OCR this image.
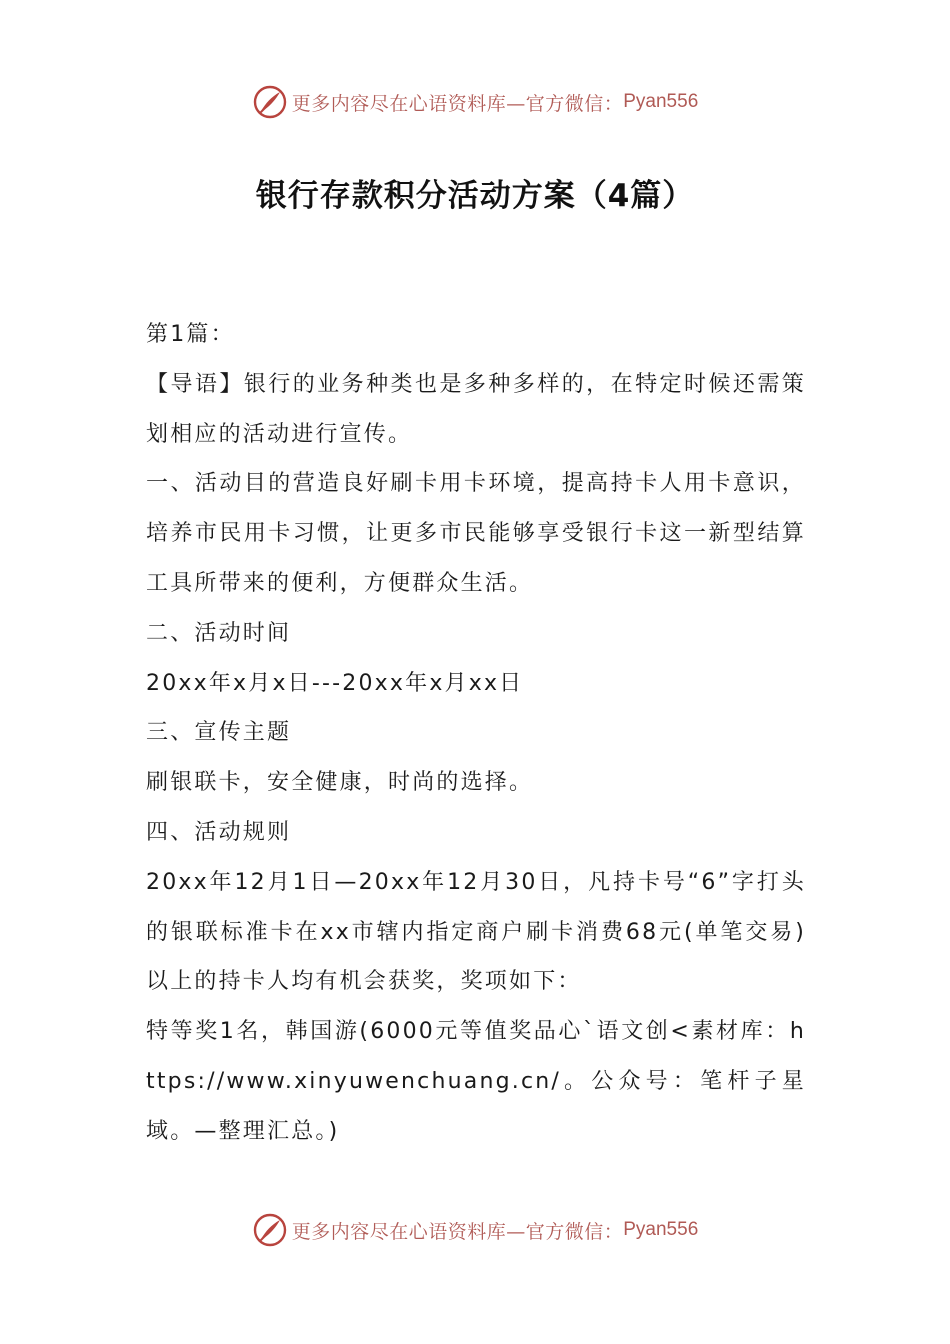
更多内容尽在心语资料库—官方微信： Pyan556
银行存款积分活动方案（4篇）

第1篇：

【导语】银行的业务种类也是多种多样的，在特定时候还需策划相应的活动进行宣传。

一、活动目的营造良好刷卡用卡环境，提高持卡人用卡意识，培养市民用卡习惯，让更多市民能够享受银行卡这一新型结算工具所带来的便利，方便群众生活。

二、活动时间

20xx年x月x日---20xx年x月xx日

三、宣传主题

刷银联卡，安全健康，时尚的选择。

四、活动规则

20xx年12月1日—20xx年12月30日，凡持卡号“6”字打头的银联标准卡在xx市辖内指定商户刷卡消费68元(单笔交易)以上的持卡人均有机会获奖，奖项如下：

特等奖1名，韩国游(6000元等值奖品心`语文创<素材库：https://www.xinyuwenchuang.cn/。公众号：笔杆子星域。—整理汇总。)

更多内容尽在心语资料库—官方微信： Pyan556
